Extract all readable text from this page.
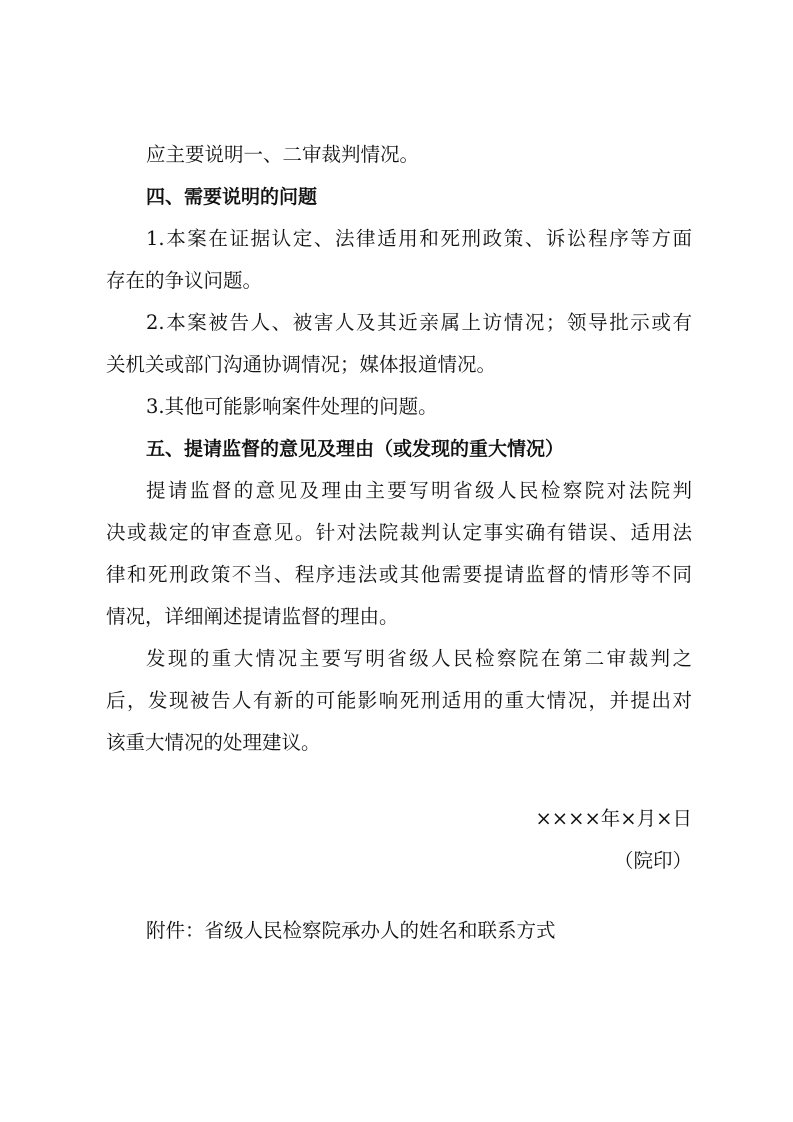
应主要说明一、二审裁判情况。
四、需要说明的问题
1.本案在证据认定、法律适用和死刑政策、诉讼程序等方面
存在的争议问题。
2.本案被告人、被害人及其近亲属上访情况；领导批示或有
关机关或部门沟通协调情况；媒体报道情况。
3.其他可能影响案件处理的问题。
五、提请监督的意见及理由（或发现的重大情况）
提请监督的意见及理由主要写明省级人民检察院对法院判
决或裁定的审查意见。针对法院裁判认定事实确有错误、适用法
律和死刑政策不当、程序违法或其他需要提请监督的情形等不同
情况，详细阐述提请监督的理由。
发现的重大情况主要写明省级人民检察院在第二审裁判之
后，发现被告人有新的可能影响死刑适用的重大情况，并提出对
该重大情况的处理建议。
××××年×月×日
（院印）
附件：省级人民检察院承办人的姓名和联系方式
